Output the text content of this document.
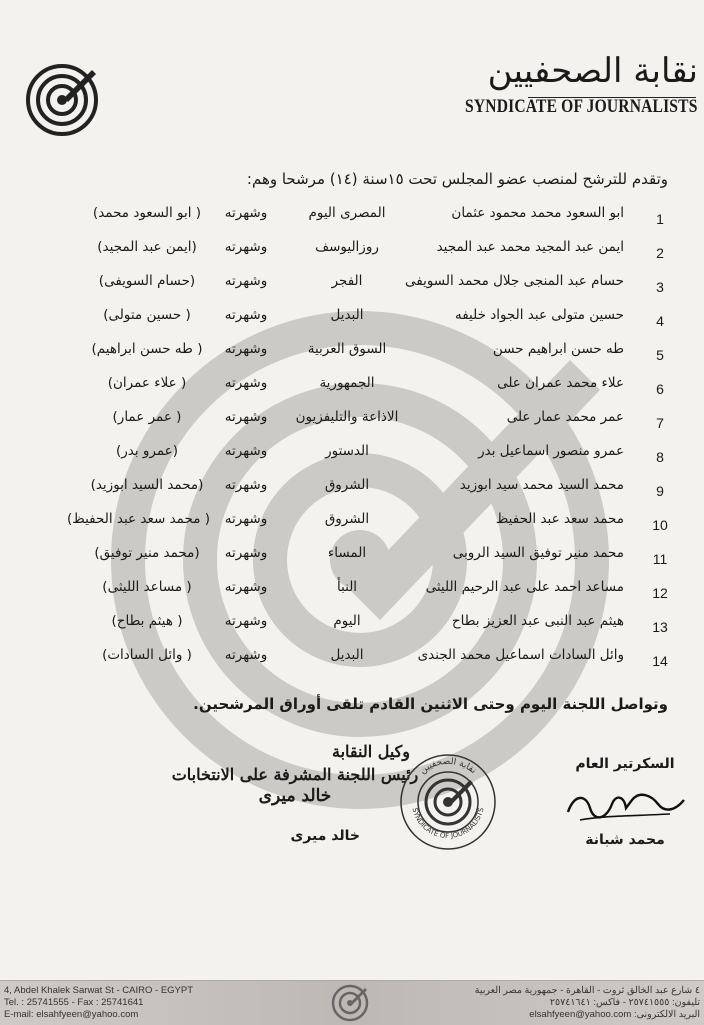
نقابة الصحفيين
SYNDICATE OF JOURNALISTS
وتقدم للترشح لمنصب عضو المجلس تحت ١٥سنة (١٤) مرشحا وهم:
1
ابو السعود محمد محمود عثمان
المصرى اليوم
وشهرته
( ابو السعود محمد)
2
ايمن عبد المجيد محمد عبد المجيد
روزاليوسف
وشهرته
(ايمن عبد المجيد)
3
حسام عبد المنجى جلال محمد السويفى
الفجر
وشهرته
(حسام السويفى)
4
حسين متولى عبد الجواد خليفه
البديل
وشهرته
( حسين متولى)
5
طه حسن ابراهيم حسن
السوق العربية
وشهرته
( طه حسن ابراهيم)
6
علاء محمد عمران على
الجمهورية
وشهرته
( علاء عمران)
7
عمر محمد عمار على
الاذاعة والتليفزيون
وشهرته
( عمر عمار)
8
عمرو منصور اسماعيل بدر
الدستور
وشهرته
(عمرو بدر)
9
محمد السيد محمد سيد ابوزيد
الشروق
وشهرته
(محمد السيد ابوزيد)
10
محمد سعد عبد الحفيظ
الشروق
وشهرته
( محمد سعد عبد الحفيظ)
11
محمد منير توفيق السيد الروبى
المساء
وشهرته
(محمد منير توفيق)
12
مساعد احمد على عبد الرحيم الليثى
النبأ
وشهرته
( مساعد الليثى)
13
هيثم عبد النبى عبد العزيز بطاح
اليوم
وشهرته
( هيثم بطاح)
14
وائل السادات اسماعيل محمد الجندى
البديل
وشهرته
( وائل السادات)
وتواصل اللجنة اليوم وحتى الاثنين القادم تلقى أوراق المرشحين.
وكيل النقابة
رئيس اللجنة المشرفة على الانتخابات
خالد ميرى
خالد ميرى
نقابة الصحفيين
SYNDICATE OF JOURNALISTS
السكرتير العام
محمد شبانة
4, Abdel Khalek Sarwat St - CAIRO - EGYPT
Tel. : 25741555 - Fax : 25741641
E-mail: elsahfyeen@yahoo.com
٤ شارع عبد الخالق ثروت - القاهرة - جمهورية مصر العربية
تليفون: ٢٥٧٤١٥٥٥ - فاكس: ٢٥٧٤١٦٤١
elsahfyeen@yahoo.com :البريد الالكترونى
